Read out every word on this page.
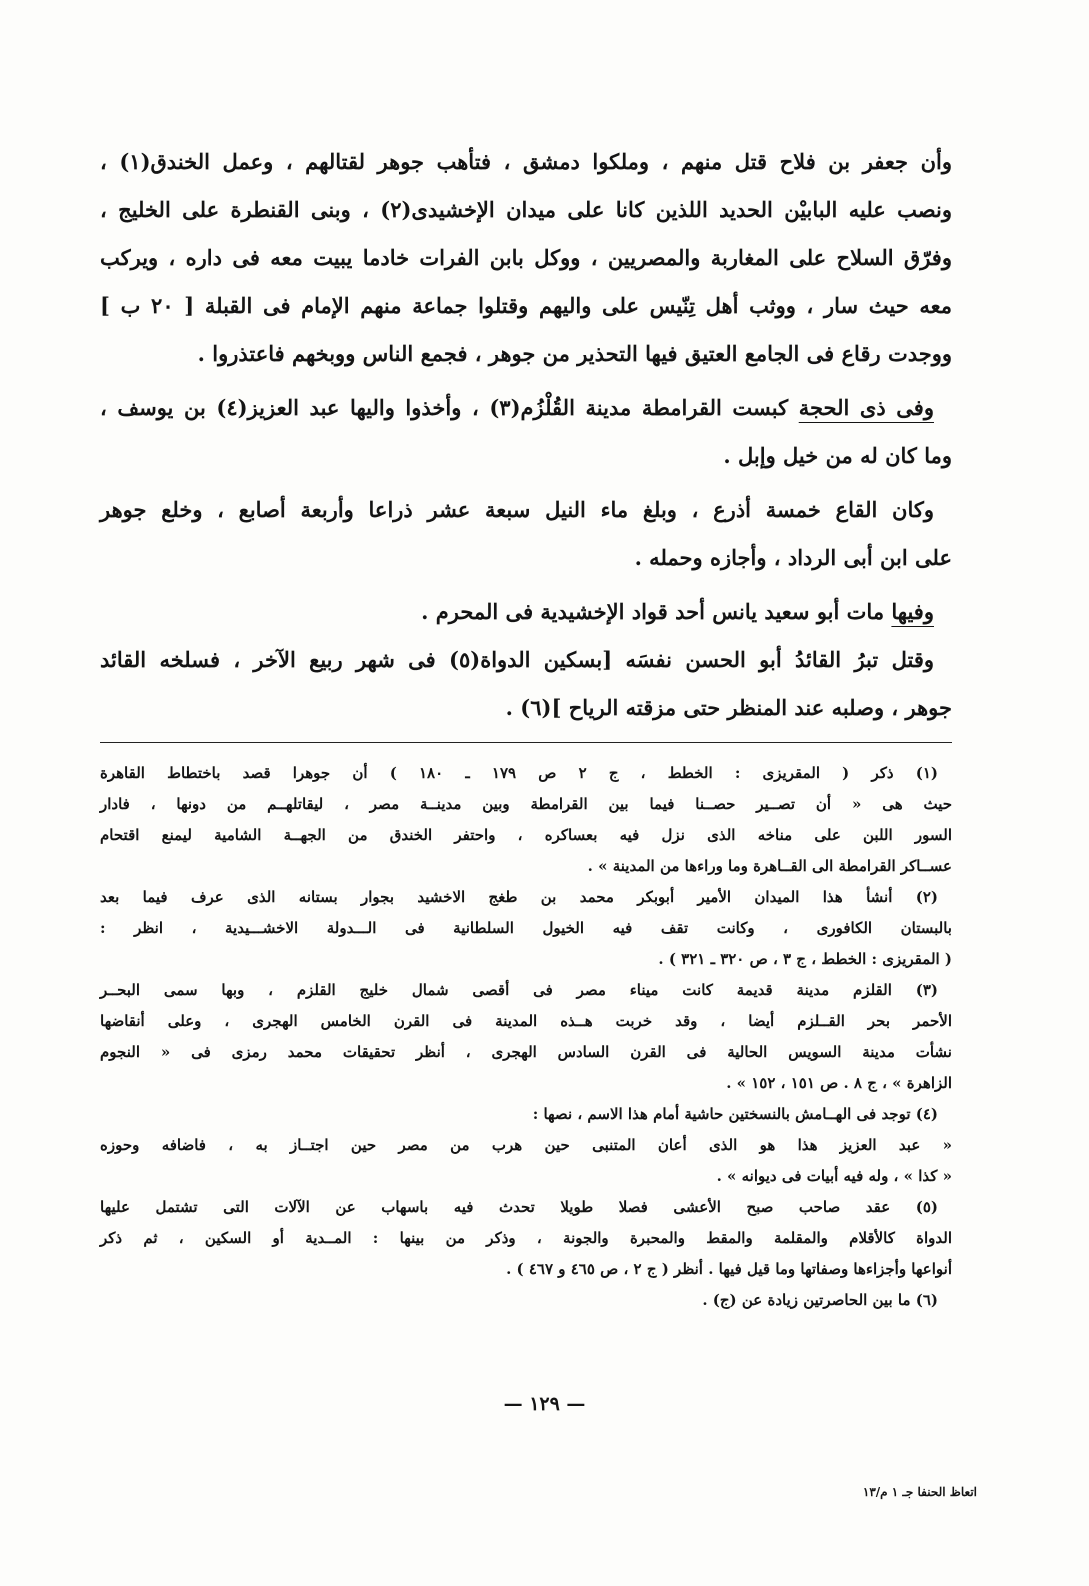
وأن جعفر بن فلاح قتل منهم ، وملكوا دمشق ، فتأهب جوهر لقتالهم ، وعمل الخندق(١) ،
ونصب عليه البابيْن الحديد اللذين كانا على ميدان الإخشيدى(٢) ، وبنى القنطرة على الخليج ،
وفرّق السلاح على المغاربة والمصريين ، ووكل بابن الفرات خادما يبيت معه فى داره ، ويركب
معه حيث سار ، ووثب أهل تِنّيس على واليهم وقتلوا جماعة منهم الإمام فى القبلة [ ٢٠ ب ]
ووجدت رقاع فى الجامع العتيق فيها التحذير من جوهر ، فجمع الناس ووبخهم فاعتذروا .
وفى ذى الحجة كبست القرامطة مدينة القُلْزُم(٣) ، وأخذوا واليها عبد العزيز(٤) بن يوسف ،
وما كان له من خيل وإبل .
وكان القاع خمسة أذرع ، وبلغ ماء النيل سبعة عشر ذراعا وأربعة أصابع ، وخلع جوهر
على ابن أبى الرداد ، وأجازه وحمله .
وفيها مات أبو سعيد يانس أحد قواد الإخشيدية فى المحرم .
وقتل تبرُ القائدُ أبو الحسن نفسَه [بسكين الدواة(٥) فى شهر ربيع الآخر ، فسلخه القائد
جوهر ، وصلبه عند المنظر حتى مزقته الرياح ](٦) .
(١) ذكر ( المقريزى : الخطط ، ج ٢ ص ١٧٩ ـ ١٨٠ ) أن جوهرا قصد باختطاط القاهرة
حيث هى « أن تصــير حصــنا فيما بين القرامطة وبين مدينــة مصر ، ليقاتلهــم من دونها ، فادار
السور اللبن على مناخه الذى نزل فيه بعساكره ، واحتفر الخندق من الجهــة الشامية ليمنع اقتحام
عســاكر القرامطة الى القــاهرة وما وراءها من المدينة » .
(٢) أنشأ هذا الميدان الأمير أبوبكر محمد بن طغج الاخشيد بجوار بستانه الذى عرف فيما بعد
بالبستان الكافورى ، وكانت تقف فيه الخيول السلطانية فى الـــدولة الاخشـــيدية ، انظر :
( المقريزى : الخطط ، ج ٣ ، ص ٣٢٠ ـ ٣٢١ ) .
(٣) القلزم مدينة قديمة كانت ميناء مصر فى أقصى شمال خليج القلزم ، وبها سمى البحــر
الأحمر بحر القــلزم أيضا ، وقد خربت هــذه المدينة فى القرن الخامس الهجرى ، وعلى أنقاضها
نشأت مدينة السويس الحالية فى القرن السادس الهجرى ، أنظر تحقيقات محمد رمزى فى « النجوم
الزاهرة » ، ج ٨ . ص ١٥١ ، ١٥٢ » .
(٤) توجد فى الهــامش بالنسختين حاشية أمام هذا الاسم ، نصها :
« عبد العزيز هذا هو الذى أعان المتنبى حين هرب من مصر حين اجتــاز به ، فاضافه وحوزه
« كذا » ، وله فيه أبيات فى ديوانه » .
(٥) عقد صاحب صبح الأعشى فصلا طويلا تحدث فيه باسهاب عن الآلات التى تشتمل عليها
الدواة كالأقلام والمقلمة والمقط والمحبرة والجونة ، وذكر من بينها : المــدية أو السكين ، ثم ذكر
أنواعها وأجزاءها وصفاتها وما قيل فيها . أنظر ( ج ٢ ، ص ٤٦٥ و ٤٦٧ ) .
(٦) ما بين الحاصرتين زيادة عن (ج) .
— ١٢٩ —
اتعاظ الحنفا جـ ١ م/١٣
